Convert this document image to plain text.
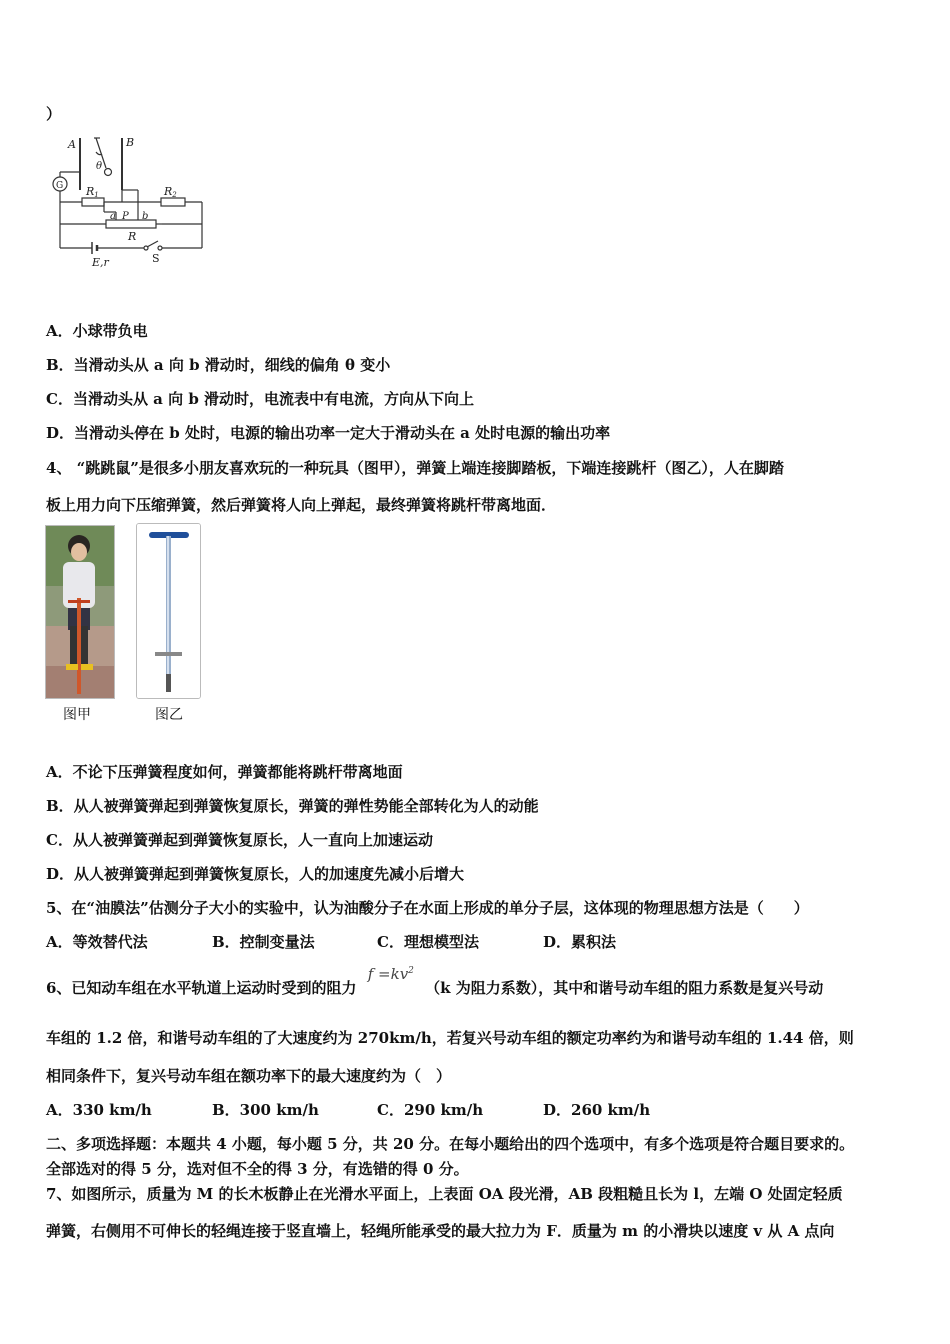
）
A	B
G
θ
R1	R2
a P b
R
E,r	S
A．小球带负电
B．当滑动头从 a 向 b 滑动时，细线的偏角 θ 变小
C．当滑动头从 a 向 b 滑动时，电流表中有电流，方向从下向上
D．当滑动头停在 b 处时，电源的输出功率一定大于滑动头在 a 处时电源的输出功率
4、 “跳跳鼠”是很多小朋友喜欢玩的一种玩具（图甲），弹簧上端连接脚踏板，下端连接跳杆（图乙），人在脚踏
板上用力向下压缩弹簧，然后弹簧将人向上弹起，最终弹簧将跳杆带离地面．
图甲	图乙
A．不论下压弹簧程度如何，弹簧都能将跳杆带离地面
B．从人被弹簧弹起到弹簧恢复原长，弹簧的弹性势能全部转化为人的动能
C．从人被弹簧弹起到弹簧恢复原长，人一直向上加速运动
D．从人被弹簧弹起到弹簧恢复原长，人的加速度先减小后增大
5、在“油膜法”估测分子大小的实验中，认为油酸分子在水面上形成的单分子层，这体现的物理思想方法是（　　）
A．等效替代法	B．控制变量法	C．理想模型法	D．累积法
6、已知动车组在水平轨道上运动时受到的阻力 $f =kv^2$ （k 为阻力系数），其中和谐号动车组的阻力系数是复兴号动
车组的 1.2 倍，和谐号动车组的了大速度约为 270km/h，若复兴号动车组的额定功率约为和谐号动车组的 1.44 倍，则
相同条件下，复兴号动车组在额功率下的最大速度约为（　）
A．330 km/h	B．300 km/h	C．290 km/h	D．260 km/h
二、多项选择题：本题共 4 小题，每小题 5 分，共 20 分。在每小题给出的四个选项中，有多个选项是符合题目要求的。
全部选对的得 5 分，选对但不全的得 3 分，有选错的得 0 分。
7、如图所示，质量为 M 的长木板静止在光滑水平面上，上表面 OA 段光滑，AB 段粗糙且长为 l，左端 O 处固定轻质
弹簧，右侧用不可伸长的轻绳连接于竖直墙上，轻绳所能承受的最大拉力为 F．质量为 m 的小滑块以速度 v 从 A 点向
